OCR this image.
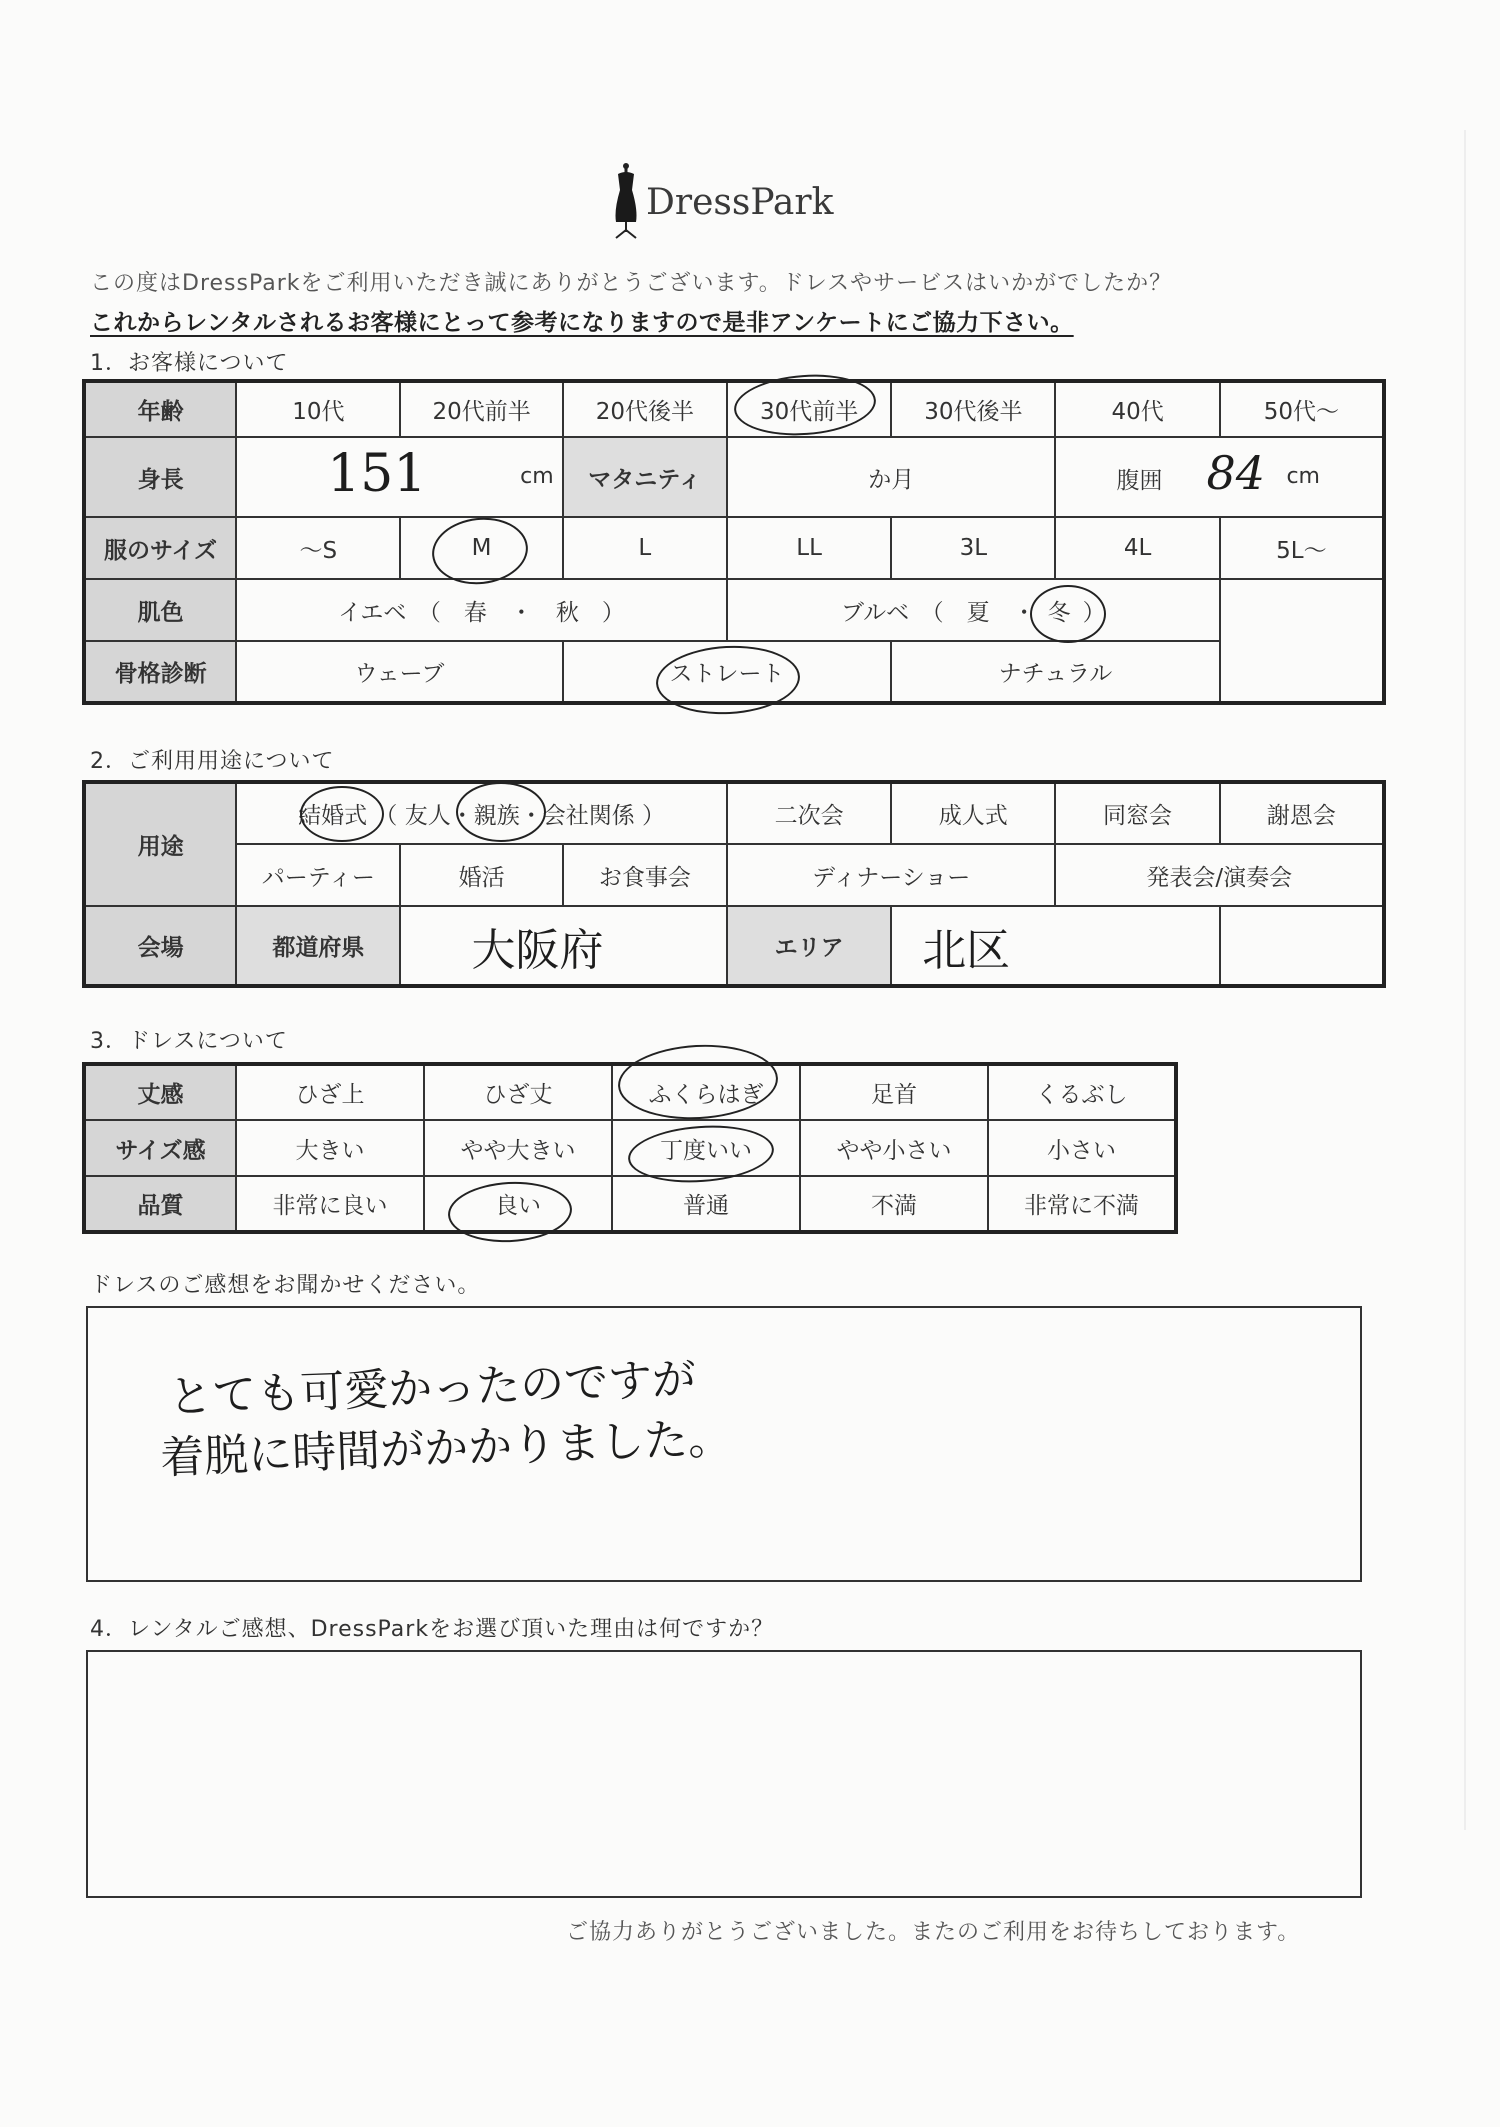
DressPark
この度はDressParkをご利用いただき誠にありがとうございます。ドレスやサービスはいかがでしたか？
これからレンタルされるお客様にとって参考になりますので是非アンケートにご協力下さい。
1．お客様について
年齢	10代	20代前半	20代後半	30代前半	30代後半	40代	50代〜
身長	151 cm		マタニティ	か月		腹囲 84 cm	

服のサイズ	〜S	M	L	LL	3L	4L	5L〜
肌色	イエベ　（　春　・　秋　）			ブルベ　（　夏　・ 冬 ）			
骨格診断	ウェーブ		ストレート		ナチュラル		
2．ご利用用途について
用途	結婚式 （ 友人・親族・会社関係 ）			二次会	成人式	同窓会	謝恩会
	パーティー	婚活	お食事会	ディナーショー		発表会/演奏会	
会場	都道府県	大阪府		エリア	北区		
3．ドレスについて
丈感	ひざ上	ひざ丈	ふくらはぎ	足首	くるぶし
サイズ感	大きい	やや大きい	丁度いい	やや小さい	小さい
品質	非常に良い	良い	普通	不満	非常に不満
ドレスのご感想をお聞かせください。
とても可愛かったのですが
着脱に時間がかかりました。
4．レンタルご感想、DressParkをお選び頂いた理由は何ですか？
ご協力ありがとうございました。またのご利用をお待ちしております。
